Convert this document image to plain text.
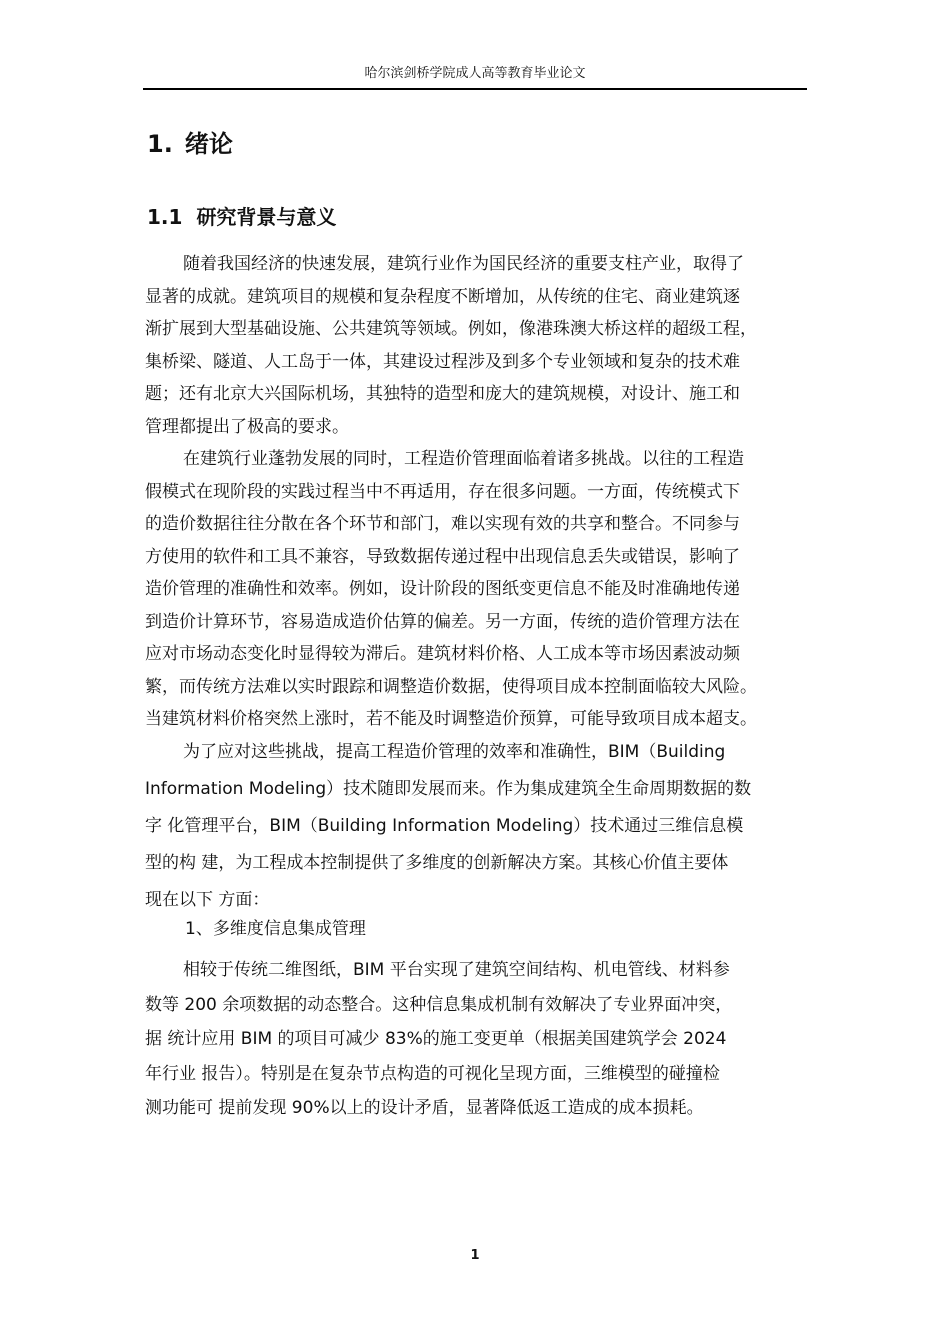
哈尔滨剑桥学院成人高等教育毕业论文
1. 绪论
1.1 研究背景与意义
随着我国经济的快速发展，建筑行业作为国民经济的重要支柱产业，取得了
显著的成就。建筑项目的规模和复杂程度不断增加，从传统的住宅、商业建筑逐
渐扩展到大型基础设施、公共建筑等领域。例如，像港珠澳大桥这样的超级工程，
集桥梁、隧道、人工岛于一体，其建设过程涉及到多个专业领域和复杂的技术难
题；还有北京大兴国际机场，其独特的造型和庞大的建筑规模，对设计、施工和
管理都提出了极高的要求。
在建筑行业蓬勃发展的同时，工程造价管理面临着诸多挑战。以往的工程造
假模式在现阶段的实践过程当中不再适用，存在很多问题。一方面，传统模式下
的造价数据往往分散在各个环节和部门，难以实现有效的共享和整合。不同参与
方使用的软件和工具不兼容，导致数据传递过程中出现信息丢失或错误，影响了
造价管理的准确性和效率。例如，设计阶段的图纸变更信息不能及时准确地传递
到造价计算环节，容易造成造价估算的偏差。另一方面，传统的造价管理方法在
应对市场动态变化时显得较为滞后。建筑材料价格、人工成本等市场因素波动频
繁，而传统方法难以实时跟踪和调整造价数据，使得项目成本控制面临较大风险。
当建筑材料价格突然上涨时，若不能及时调整造价预算，可能导致项目成本超支。
为了应对这些挑战，提高工程造价管理的效率和准确性，BIM（Building
Information Modeling）技术随即发展而来。作为集成建筑全生命周期数据的数
字 化管理平台，BIM（Building Information Modeling）技术通过三维信息模
型的构 建，为工程成本控制提供了多维度的创新解决方案。其核心价值主要体
现在以下 方面：
1、多维度信息集成管理
相较于传统二维图纸，BIM 平台实现了建筑空间结构、机电管线、材料参
数等 200 余项数据的动态整合。这种信息集成机制有效解决了专业界面冲突，
据 统计应用 BIM 的项目可减少 83%的施工变更单（根据美国建筑学会 2024
年行业 报告）。特别是在复杂节点构造的可视化呈现方面，三维模型的碰撞检
测功能可 提前发现 90%以上的设计矛盾，显著降低返工造成的成本损耗。
1
